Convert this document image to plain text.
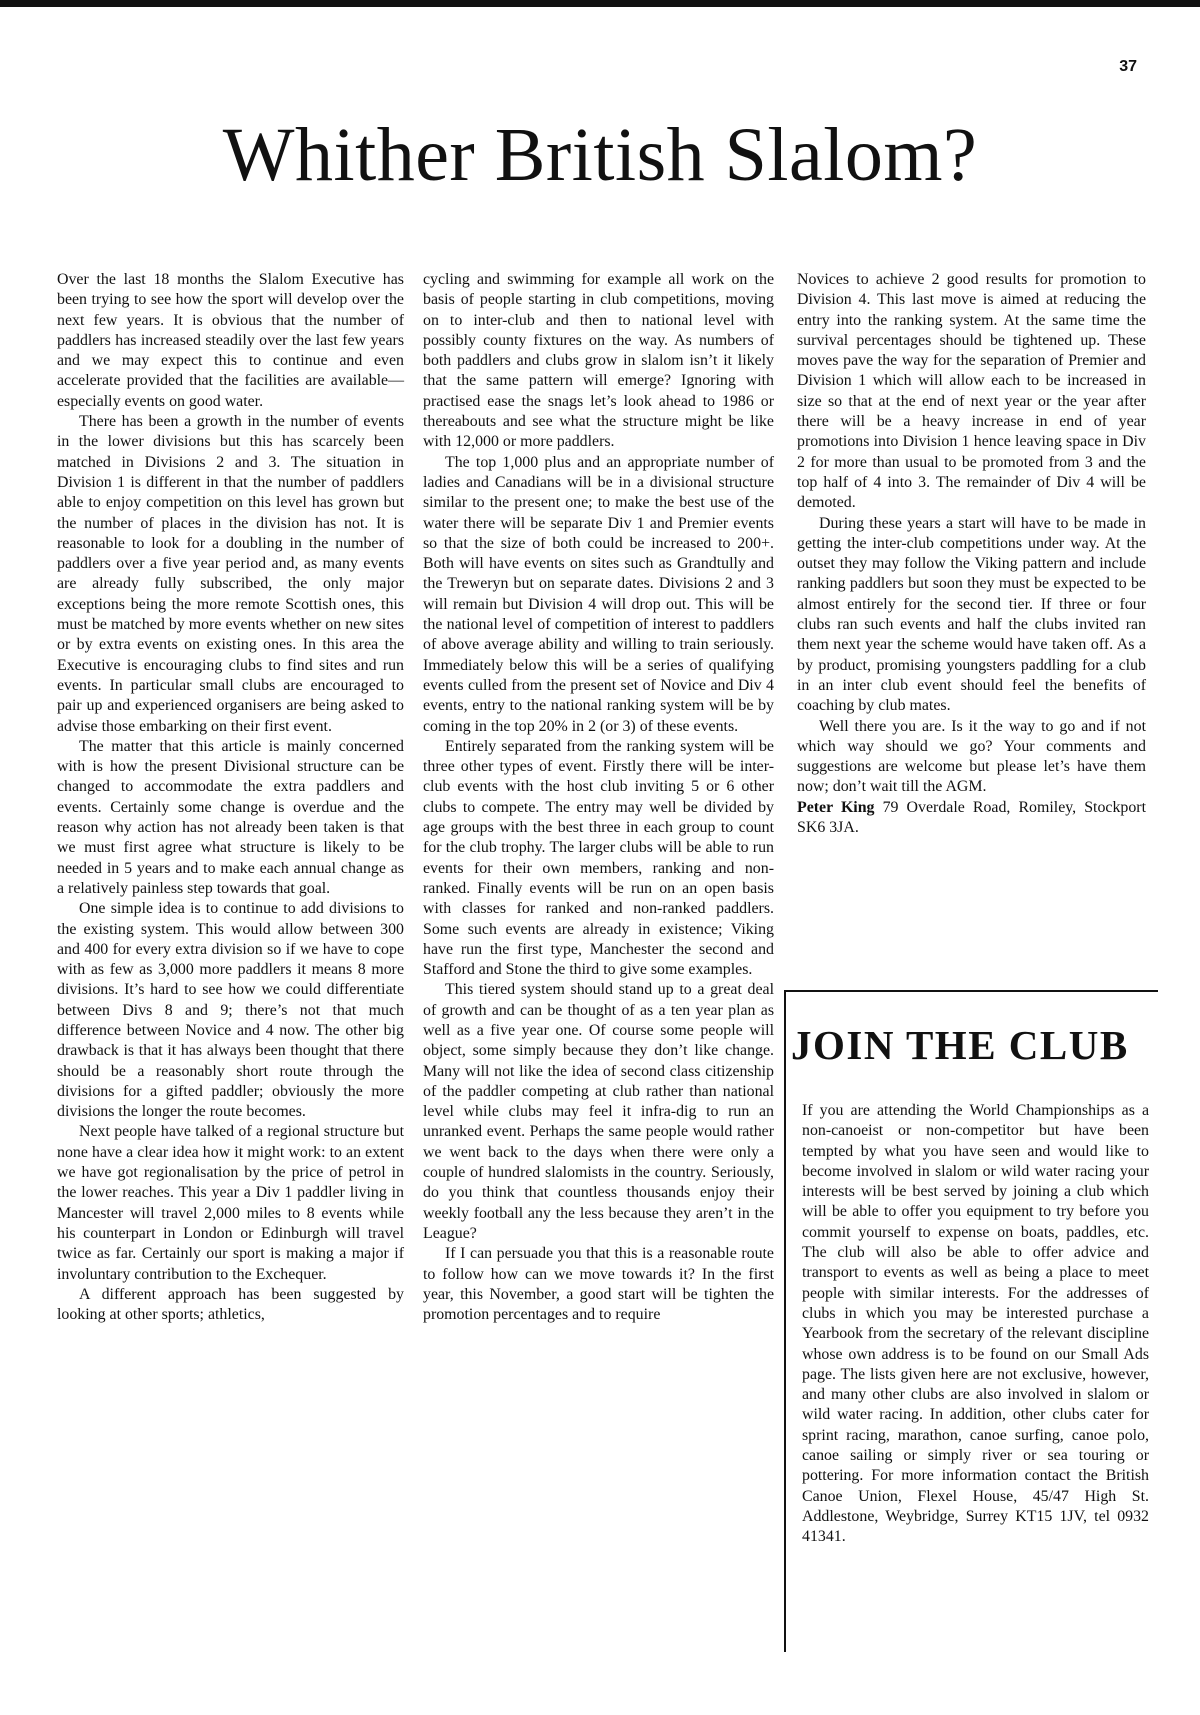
37
Whither British Slalom?

Over the last 18 months the Slalom Executive has been trying to see how the sport will develop over the next few years. It is obvious that the number of paddlers has increased steadily over the last few years and we may expect this to continue and even accelerate provided that the facilities are available—especially events on good water.

There has been a growth in the number of events in the lower divisions but this has scarcely been matched in Divisions 2 and 3. The situation in Division 1 is different in that the number of paddlers able to enjoy competition on this level has grown but the number of places in the division has not. It is reasonable to look for a doubling in the number of paddlers over a five year period and, as many events are already fully subscribed, the only major exceptions being the more remote Scottish ones, this must be matched by more events whether on new sites or by extra events on existing ones. In this area the Executive is encouraging clubs to find sites and run events. In particular small clubs are encouraged to pair up and experienced organisers are being asked to advise those embarking on their first event.

The matter that this article is mainly concerned with is how the present Divisional structure can be changed to accommodate the extra paddlers and events. Certainly some change is overdue and the reason why action has not already been taken is that we must first agree what structure is likely to be needed in 5 years and to make each annual change as a relatively painless step towards that goal.

One simple idea is to continue to add divisions to the existing system. This would allow between 300 and 400 for every extra division so if we have to cope with as few as 3,000 more paddlers it means 8 more divisions. It’s hard to see how we could differentiate between Divs 8 and 9; there’s not that much difference between Novice and 4 now. The other big drawback is that it has always been thought that there should be a reasonably short route through the divisions for a gifted paddler; obviously the more divisions the longer the route becomes.

Next people have talked of a regional structure but none have a clear idea how it might work: to an extent we have got regionalisation by the price of petrol in the lower reaches. This year a Div 1 paddler living in Mancester will travel 2,000 miles to 8 events while his counterpart in London or Edinburgh will travel twice as far. Certainly our sport is making a major if involuntary contribution to the Exchequer.

A different approach has been suggested by looking at other sports; athletics,

cycling and swimming for example all work on the basis of people starting in club competitions, moving on to inter-club and then to national level with possibly county fixtures on the way. As numbers of both paddlers and clubs grow in slalom isn’t it likely that the same pattern will emerge? Ignoring with practised ease the snags let’s look ahead to 1986 or thereabouts and see what the structure might be like with 12,000 or more paddlers.

The top 1,000 plus and an appropriate number of ladies and Canadians will be in a divisional structure similar to the present one; to make the best use of the water there will be separate Div 1 and Premier events so that the size of both could be increased to 200+. Both will have events on sites such as Grandtully and the Treweryn but on separate dates. Divisions 2 and 3 will remain but Division 4 will drop out. This will be the national level of competition of interest to paddlers of above average ability and willing to train seriously. Immediately below this will be a series of qualifying events culled from the present set of Novice and Div 4 events, entry to the national ranking system will be by coming in the top 20% in 2 (or 3) of these events.

Entirely separated from the ranking system will be three other types of event. Firstly there will be inter-club events with the host club inviting 5 or 6 other clubs to compete. The entry may well be divided by age groups with the best three in each group to count for the club trophy. The larger clubs will be able to run events for their own members, ranking and non-ranked. Finally events will be run on an open basis with classes for ranked and non-ranked paddlers. Some such events are already in existence; Viking have run the first type, Manchester the second and Stafford and Stone the third to give some examples.

This tiered system should stand up to a great deal of growth and can be thought of as a ten year plan as well as a five year one. Of course some people will object, some simply because they don’t like change. Many will not like the idea of second class citizenship of the paddler competing at club rather than national level while clubs may feel it infra-dig to run an unranked event. Perhaps the same people would rather we went back to the days when there were only a couple of hundred slalomists in the country. Seriously, do you think that countless thousands enjoy their weekly football any the less because they aren’t in the League?

If I can persuade you that this is a reasonable route to follow how can we move towards it? In the first year, this November, a good start will be tighten the promotion percentages and to require

Novices to achieve 2 good results for promotion to Division 4. This last move is aimed at reducing the entry into the ranking system. At the same time the survival percentages should be tightened up. These moves pave the way for the separation of Premier and Division 1 which will allow each to be increased in size so that at the end of next year or the year after there will be a heavy increase in end of year promotions into Division 1 hence leaving space in Div 2 for more than usual to be promoted from 3 and the top half of 4 into 3. The remainder of Div 4 will be demoted.

During these years a start will have to be made in getting the inter-club competitions under way. At the outset they may follow the Viking pattern and include ranking paddlers but soon they must be expected to be almost entirely for the second tier. If three or four clubs ran such events and half the clubs invited ran them next year the scheme would have taken off. As a by product, promising youngsters paddling for a club in an inter club event should feel the benefits of coaching by club mates.

Well there you are. Is it the way to go and if not which way should we go? Your comments and suggestions are welcome but please let’s have them now; don’t wait till the AGM.

Peter King 79 Overdale Road, Romiley, Stockport SK6 3JA.

JOIN THE CLUB

If you are attending the World Championships as a non-canoeist or non-competitor but have been tempted by what you have seen and would like to become involved in slalom or wild water racing your interests will be best served by joining a club which will be able to offer you equipment to try before you commit yourself to expense on boats, paddles, etc. The club will also be able to offer advice and transport to events as well as being a place to meet people with similar interests. For the addresses of clubs in which you may be interested purchase a Yearbook from the secretary of the relevant discipline whose own address is to be found on our Small Ads page. The lists given here are not exclusive, however, and many other clubs are also involved in slalom or wild water racing. In addition, other clubs cater for sprint racing, marathon, canoe surfing, canoe polo, canoe sailing or simply river or sea touring or pottering. For more information contact the British Canoe Union, Flexel House, 45/47 High St. Addlestone, Weybridge, Surrey KT15 1JV, tel 0932 41341.
